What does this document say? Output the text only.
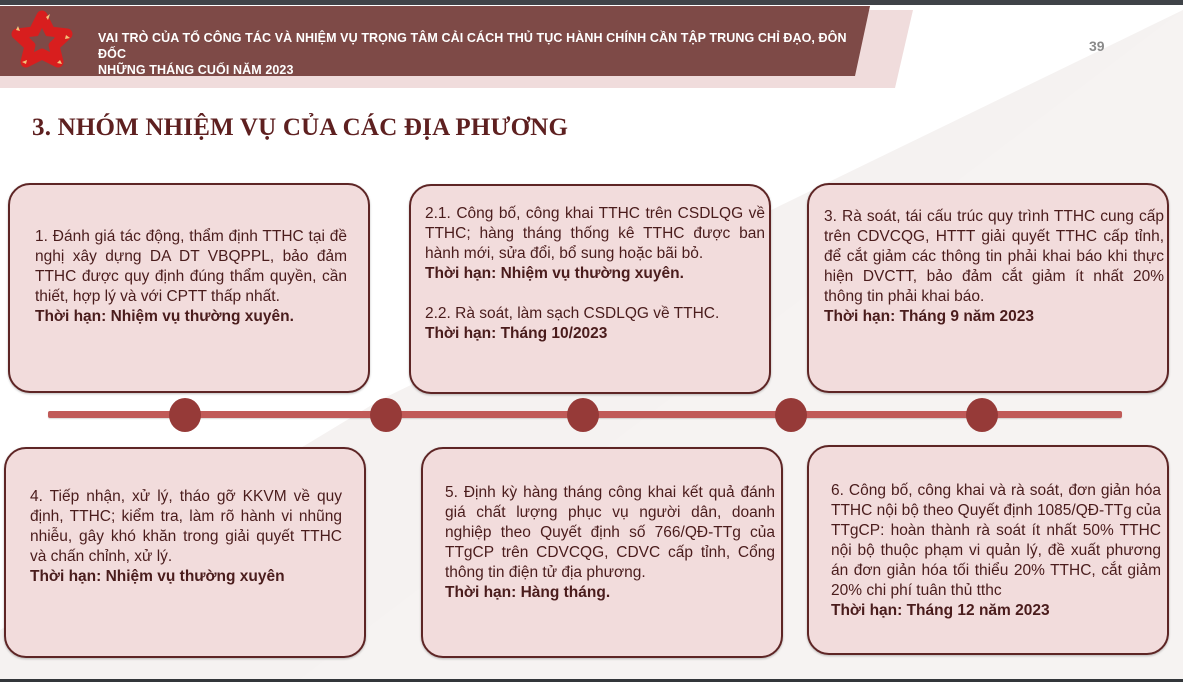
VAI TRÒ CỦA TỔ CÔNG TÁC VÀ NHIỆM VỤ TRỌNG TÂM CẢI CÁCH THỦ TỤC HÀNH CHÍNH CẦN TẬP TRUNG CHỈ ĐẠO, ĐÔN ĐỐC
NHỮNG THÁNG CUỐI NĂM 2023
39
3. NHÓM NHIỆM VỤ CỦA CÁC ĐỊA PHƯƠNG

1. Đánh giá tác động, thẩm định TTHC tại đề nghị xây dựng DA DT VBQPPL, bảo đảm TTHC được quy định đúng thẩm quyền, cần thiết, hợp lý và với CPTT thấp nhất.

Thời hạn: Nhiệm vụ thường xuyên.

2.1. Công bố, công khai TTHC trên CSDLQG về TTHC; hàng tháng thống kê TTHC được ban hành mới, sửa đổi, bổ sung hoặc bãi bỏ.

Thời hạn: Nhiệm vụ thường xuyên.

2.2. Rà soát, làm sạch CSDLQG về TTHC.

Thời hạn: Tháng 10/2023

3. Rà soát, tái cấu trúc quy trình TTHC cung cấp trên CDVCQG, HTTT giải quyết TTHC cấp tỉnh, để cắt giảm các thông tin phải khai báo khi thực hiện DVCTT, bảo đảm cắt giảm ít nhất 20% thông tin phải khai báo.

Thời hạn: Tháng 9 năm 2023

4. Tiếp nhận, xử lý, tháo gỡ KKVM về quy định, TTHC; kiểm tra, làm rõ hành vi nhũng nhiễu, gây khó khăn trong giải quyết TTHC và chấn chỉnh, xử lý.

Thời hạn: Nhiệm vụ thường xuyên

5. Định kỳ hàng tháng công khai kết quả đánh giá chất lượng phục vụ người dân, doanh nghiệp theo Quyết định số 766/QĐ-TTg của TTgCP trên CDVCQG, CDVC cấp tỉnh, Cổng thông tin điện tử địa phương.

Thời hạn: Hàng tháng.

6. Công bố, công khai và rà soát, đơn giản hóa TTHC nội bộ theo Quyết định 1085/QĐ-TTg của TTgCP: hoàn thành rà soát ít nhất 50% TTHC nội bộ thuộc phạm vi quản lý, đề xuất phương án đơn giản hóa tối thiểu 20% TTHC, cắt giảm 20% chi phí tuân thủ tthc

Thời hạn: Tháng 12 năm 2023
